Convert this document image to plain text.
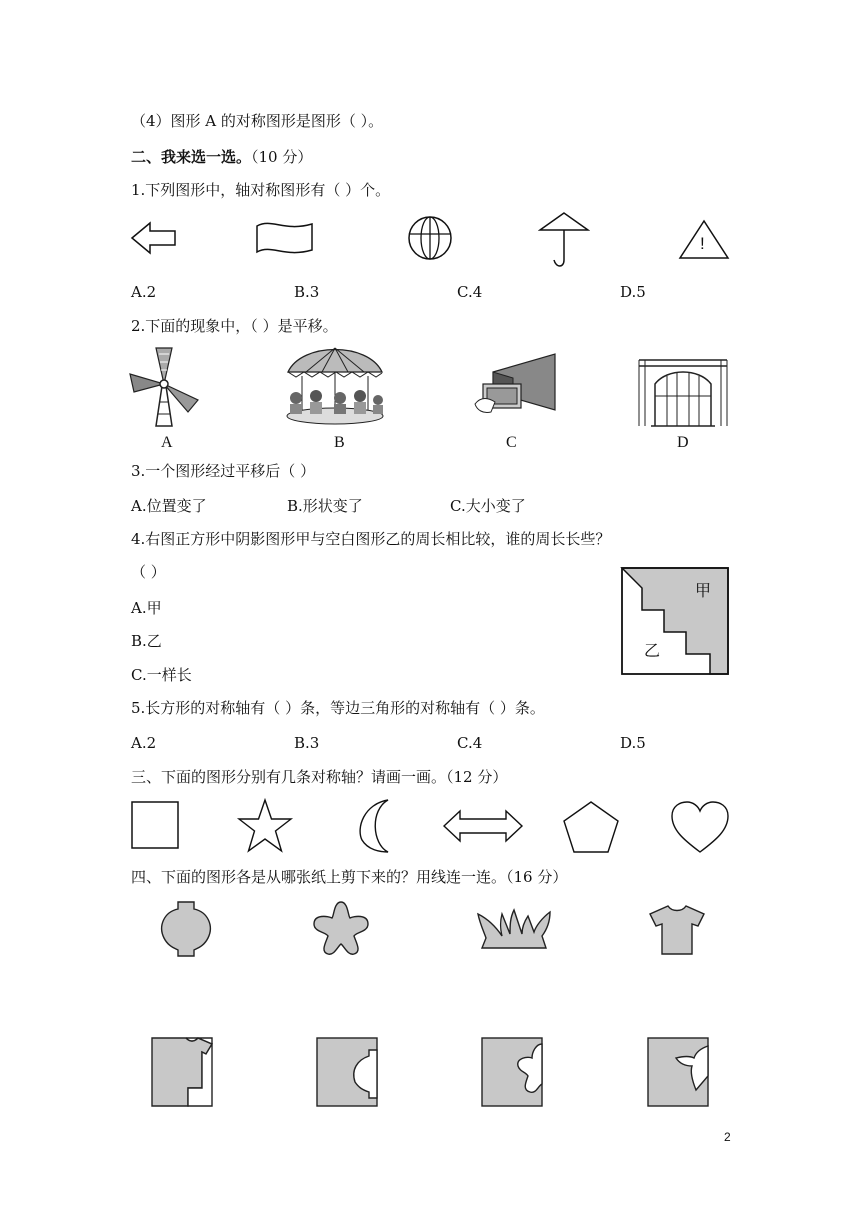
（4）图形 A 的对称图形是图形（ ）。
二、我来选一选。（10 分）
1.下列图形中，轴对称图形有（ ）个。
!
A.2	B.3	C.4	D.5
2.下面的现象中，（ ）是平移。
A	B	C	D
3.一个图形经过平移后（ ）
A.位置变了	B.形状变了	C.大小变了
4.右图正方形中阴影图形甲与空白图形乙的周长相比较，谁的周长长些？
（ ）
A.甲
B.乙
C.一样长
甲
乙
5.长方形的对称轴有（ ）条，等边三角形的对称轴有（ ）条。
A.2	B.3	C.4	D.5
三、下面的图形分别有几条对称轴？请画一画。（12 分）
四、下面的图形各是从哪张纸上剪下来的？用线连一连。（16 分）
2
